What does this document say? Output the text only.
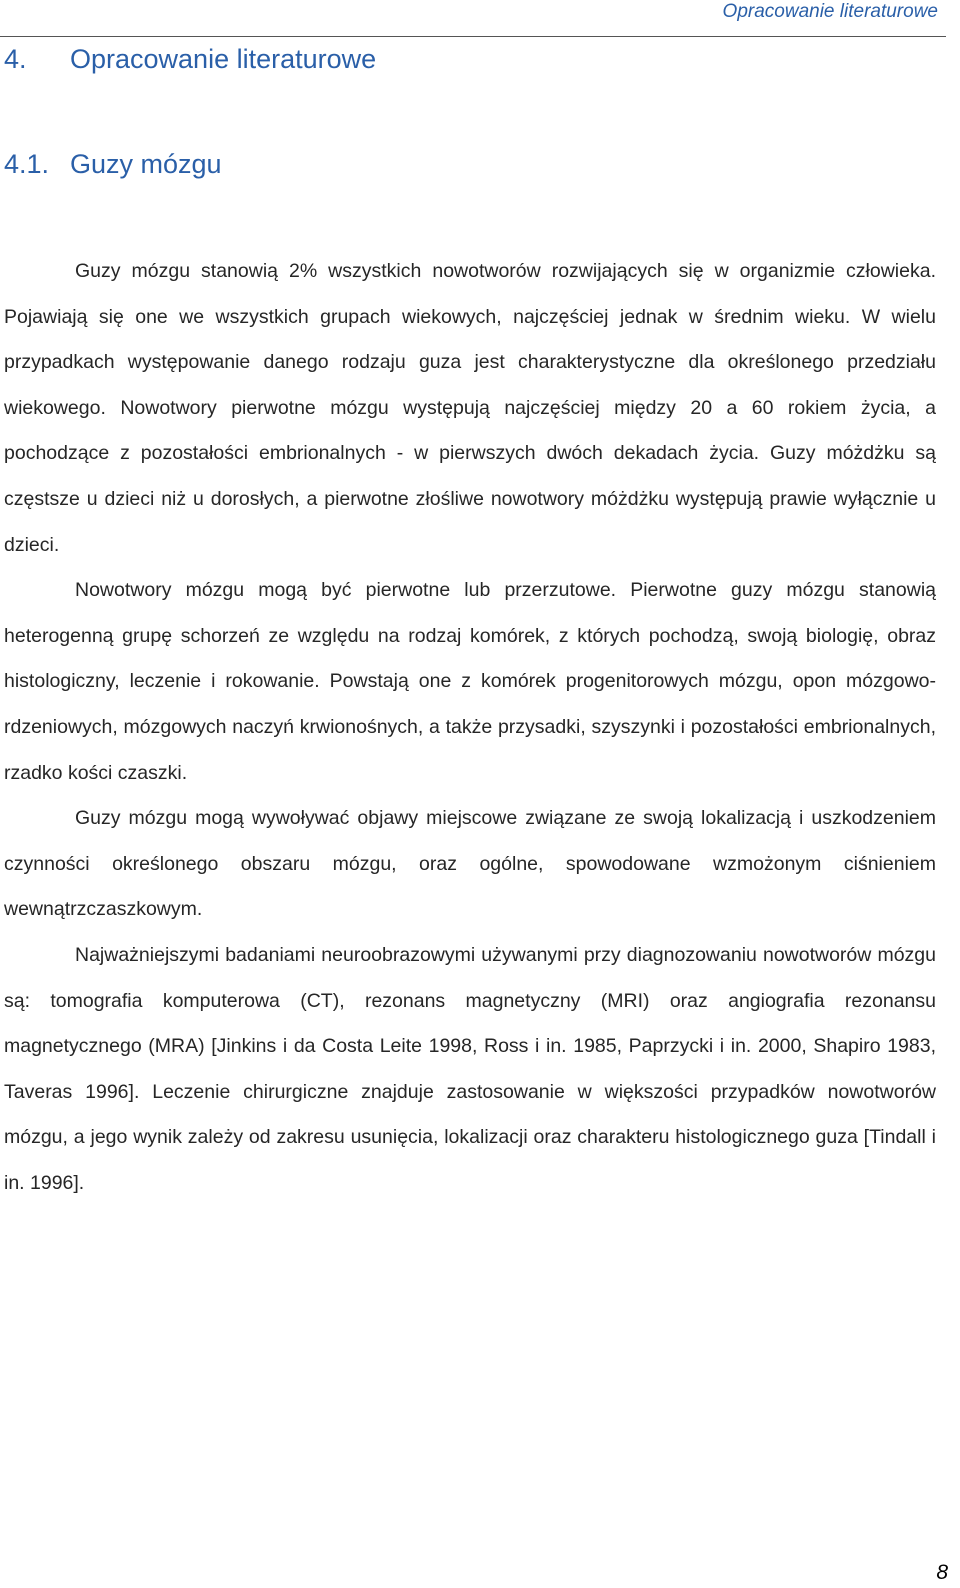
Opracowanie literaturowe
4. Opracowanie literaturowe
4.1. Guzy mózgu

Guzy mózgu stanowią 2% wszystkich nowotworów rozwijających się w organizmie człowieka. Pojawiają się one we wszystkich grupach wiekowych, najczęściej jednak w średnim wieku. W wielu przypadkach występowanie danego rodzaju guza jest charakterystyczne dla określonego przedziału wiekowego. Nowotwory pierwotne mózgu występują najczęściej między 20 a 60 rokiem życia, a pochodzące z pozostałości embrionalnych - w pierwszych dwóch dekadach życia. Guzy móżdżku są częstsze u dzieci niż u dorosłych, a pierwotne złośliwe nowotwory móżdżku występują prawie wyłącznie u dzieci.

Nowotwory mózgu mogą być pierwotne lub przerzutowe. Pierwotne guzy mózgu stanowią heterogenną grupę schorzeń ze względu na rodzaj komórek, z których pochodzą, swoją biologię, obraz histologiczny, leczenie i rokowanie. Powstają one z komórek progenitorowych mózgu, opon mózgowo-rdzeniowych, mózgowych naczyń krwionośnych, a także przysadki, szyszynki i pozostałości embrionalnych, rzadko kości czaszki.

Guzy mózgu mogą wywoływać objawy miejscowe związane ze swoją lokalizacją i uszkodzeniem czynności określonego obszaru mózgu, oraz ogólne, spowodowane wzmożonym ciśnieniem wewnątrzczaszkowym.

Najważniejszymi badaniami neuroobrazowymi używanymi przy diagnozowaniu nowotworów mózgu są: tomografia komputerowa (CT), rezonans magnetyczny (MRI) oraz angiografia rezonansu magnetycznego (MRA) [Jinkins i da Costa Leite 1998, Ross i in. 1985, Paprzycki i in. 2000, Shapiro 1983, Taveras 1996]. Leczenie chirurgiczne znajduje zastosowanie w większości przypadków nowotworów mózgu, a jego wynik zależy od zakresu usunięcia, lokalizacji oraz charakteru histologicznego guza [Tindall i in. 1996].

8
